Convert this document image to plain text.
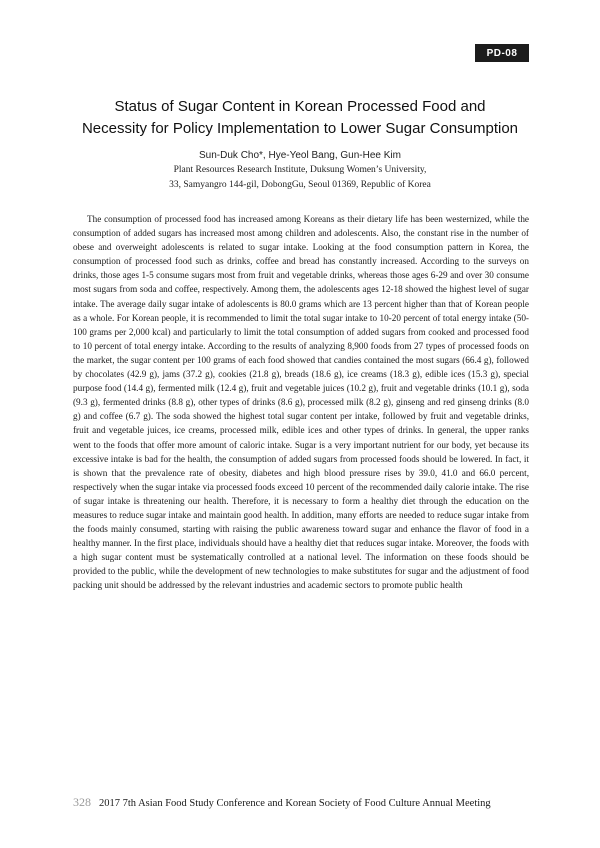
PD-08
Status of Sugar Content in Korean Processed Food and
Necessity for Policy Implementation to Lower Sugar Consumption
Sun-Duk Cho*, Hye-Yeol Bang, Gun-Hee Kim
Plant Resources Research Institute, Duksung Women’s University,
33, Samyangro 144-gil, DobongGu, Seoul 01369, Republic of Korea

The consumption of processed food has increased among Koreans as their dietary life has been westernized, while the consumption of added sugars has increased most among children and adolescents. Also, the constant rise in the number of obese and overweight adolescents is related to sugar intake. Looking at the food consumption pattern in Korea, the consumption of processed food such as drinks, coffee and bread has constantly increased. According to the surveys on drinks, those ages 1-5 consume sugars most from fruit and vegetable drinks, whereas those ages 6-29 and over 30 consume most sugars from soda and coffee, respectively. Among them, the adolescents ages 12-18 showed the highest level of sugar intake. The average daily sugar intake of adolescents is 80.0 grams which are 13 percent higher than that of Korean people as a whole. For Korean people, it is recommended to limit the total sugar intake to 10-20 percent of total energy intake (50-100 grams per 2,000 kcal) and particularly to limit the total consumption of added sugars from cooked and processed food to 10 percent of total energy intake. According to the results of analyzing 8,900 foods from 27 types of processed foods on the market, the sugar content per 100 grams of each food showed that candies contained the most sugars (66.4 g), followed by chocolates (42.9 g), jams (37.2 g), cookies (21.8 g), breads (18.6 g), ice creams (18.3 g), edible ices (15.3 g), special purpose food (14.4 g), fermented milk (12.4 g), fruit and vegetable juices (10.2 g), fruit and vegetable drinks (10.1 g), soda (9.3 g), fermented drinks (8.8 g), other types of drinks (8.6 g), processed milk (8.2 g), ginseng and red ginseng drinks (8.0 g) and coffee (6.7 g). The soda showed the highest total sugar content per intake, followed by fruit and vegetable drinks, fruit and vegetable juices, ice creams, processed milk, edible ices and other types of drinks. In general, the upper ranks went to the foods that offer more amount of caloric intake. Sugar is a very important nutrient for our body, yet because its excessive intake is bad for the health, the consumption of added sugars from processed foods should be lowered. In fact, it is shown that the prevalence rate of obesity, diabetes and high blood pressure rises by 39.0, 41.0 and 66.0 percent, respectively when the sugar intake via processed foods exceed 10 percent of the recommended daily calorie intake. The rise of sugar intake is threatening our health. Therefore, it is necessary to form a healthy diet through the education on the measures to reduce sugar intake and maintain good health. In addition, many efforts are needed to reduce sugar intake from the foods mainly consumed, starting with raising the public awareness toward sugar and enhance the flavor of food in a healthy manner. In the first place, individuals should have a healthy diet that reduces sugar intake. Moreover, the foods with a high sugar content must be systematically controlled at a national level. The information on these foods should be provided to the public, while the development of new technologies to make substitutes for sugar and the adjustment of food packing unit should be addressed by the relevant industries and academic sectors to promote public health

328 2017 7th Asian Food Study Conference and Korean Society of Food Culture Annual Meeting
